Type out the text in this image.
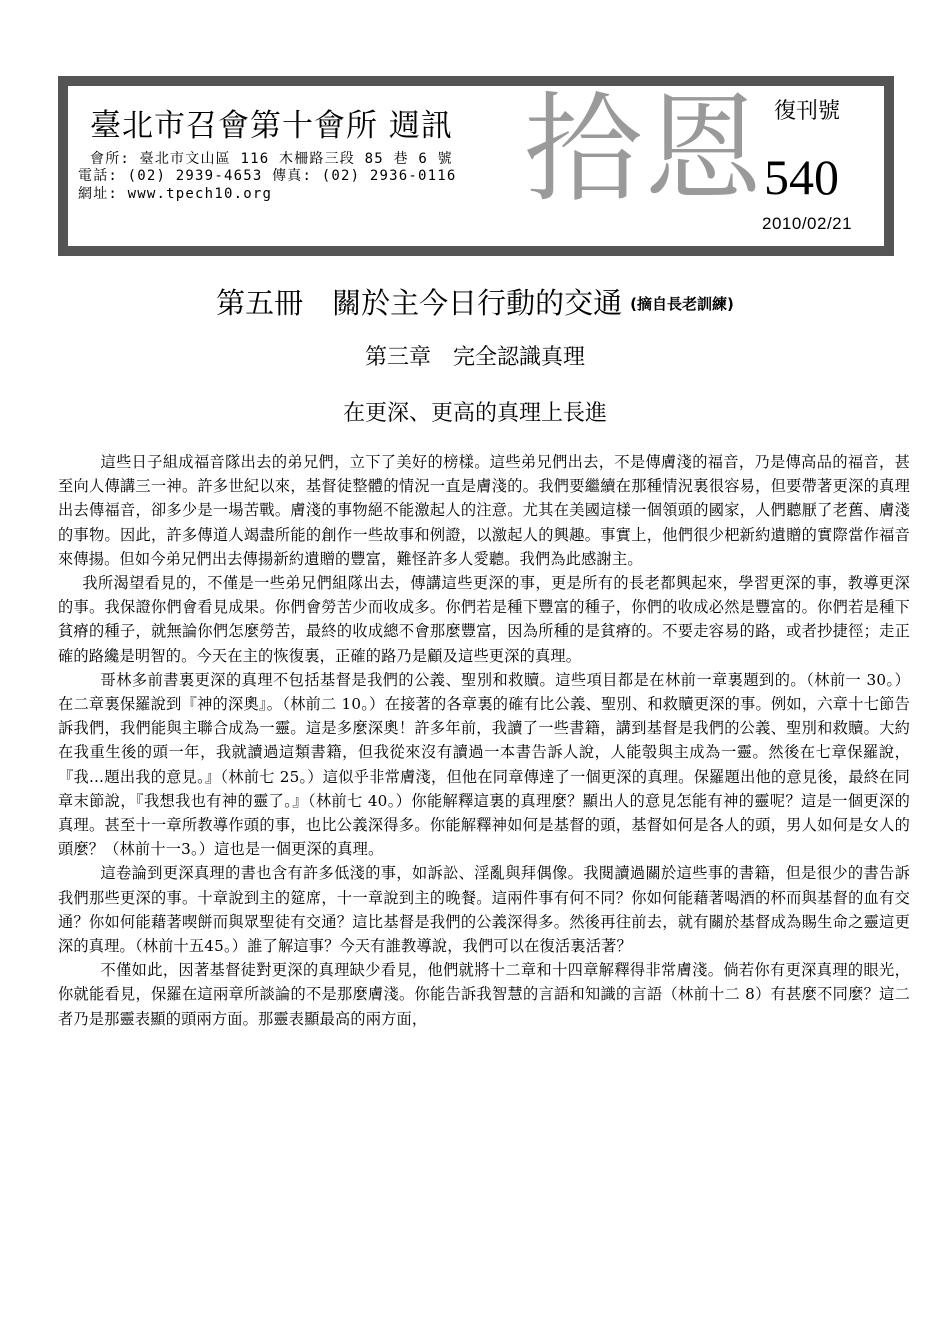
臺北市召會第十會所 週訊
會所: 臺北市文山區 116 木柵路三段 85 巷 6 號
電話: (02) 2939-4653 傳真: (02) 2936-0116
網址: www.tpech10.org 拾恩 復刊號
540
2010/02/21
第五冊　關於主今日行動的交通 (摘自長老訓練)
第三章　完全認識真理
在更深、更高的真理上長進

這些日子組成福音隊出去的弟兄們，立下了美好的榜樣。這些弟兄們出去，不是傳膚淺的福音，乃是傳高品的福音，甚至向人傳講三一神。許多世紀以來，基督徒整體的情況一直是膚淺的。我們要繼續在那種情況裏很容易，但要帶著更深的真理出去傳福音，卻多少是一場苦戰。膚淺的事物絕不能激起人的注意。尤其在美國這樣一個領頭的國家，人們聽厭了老舊、膚淺的事物。因此，許多傳道人竭盡所能的創作一些故事和例證，以激起人的興趣。事實上，他們很少杷新約遺贈的實際當作福音來傳揚。但如今弟兄們出去傳揚新約遺贈的豐富，難怪許多人愛聽。我們為此感謝主。

我所渴望看見的，不僅是一些弟兄們組隊出去，傳講這些更深的事，更是所有的長老都興起來，學習更深的事，教導更深的事。我保證你們會看見成果。你們會勞苦少而收成多。你們若是種下豐富的種子，你們的收成必然是豐富的。你們若是種下貧瘠的種子，就無論你們怎麼勞苦，最終的收成總不會那麼豐富，因為所種的是貧瘠的。不要走容易的路，或者抄捷徑；走正確的路纔是明智的。今天在主的恢復裏，正確的路乃是顧及這些更深的真理。

哥林多前書裏更深的真理不包括基督是我們的公義、聖別和救贖。這些項目都是在林前一章裏題到的。（林前一 30。）在二章裏保羅說到『神的深奧』。（林前二 10。）在接著的各章裏的確有比公義、聖別、和救贖更深的事。例如，六章十七節告訴我們，我們能與主聯合成為一靈。這是多麼深奧！許多年前，我讀了一些書籍，講到基督是我們的公義、聖別和救贖。大約在我重生後的頭一年，我就讀過這類書籍，但我從來沒有讀過一本書告訴人說，人能彀與主成為一靈。然後在七章保羅說，『我…題出我的意見。』（林前七 25。）這似乎非常膚淺，但他在同章傳達了一個更深的真理。保羅題出他的意見後，最終在同章末節說，『我想我也有神的靈了。』（林前七 40。）你能解釋這裏的真理麼？顯出人的意見怎能有神的靈呢？這是一個更深的真理。甚至十一章所教導作頭的事，也比公義深得多。你能解釋神如何是基督的頭，基督如何是各人的頭，男人如何是女人的頭麼？（林前十一3。）這也是一個更深的真理。

這卷論到更深真理的書也含有許多低淺的事，如訴訟、淫亂與拜偶像。我閱讀過關於這些事的書籍，但是很少的書告訴我們那些更深的事。十章說到主的筵席，十一章說到主的晚餐。這兩件事有何不同？你如何能藉著喝酒的杯而與基督的血有交通？你如何能藉著喫餅而與眾聖徒有交通？這比基督是我們的公義深得多。然後再往前去，就有關於基督成為賜生命之靈這更深的真理。（林前十五45。）誰了解這事？今天有誰教導說，我們可以在復活裏活著？

不僅如此，因著基督徒對更深的真理缺少看見，他們就將十二章和十四章解釋得非常膚淺。倘若你有更深真理的眼光，你就能看見，保羅在這兩章所談論的不是那麼膚淺。你能告訴我智慧的言語和知識的言語（林前十二 8）有甚麼不同麼？這二者乃是那靈表顯的頭兩方面。那靈表顯最高的兩方面，
